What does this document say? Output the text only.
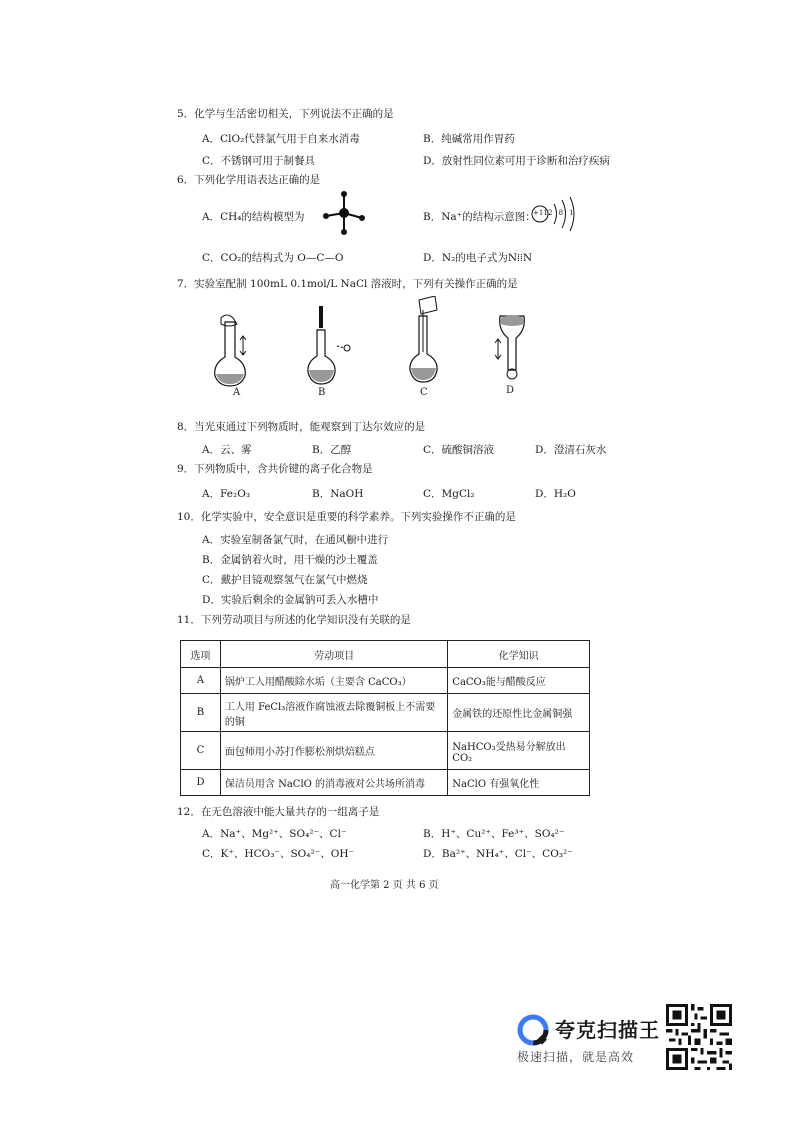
5．化学与生活密切相关，下列说法不正确的是
A．ClO₂代替氯气用于自来水消毒	B．纯碱常用作胃药
C．不锈钢可用于制餐具	D．放射性同位素可用于诊断和治疗疾病
6．下列化学用语表达正确的是
A．CH₄的结构模型为	B．Na⁺的结构示意图：
+11 2 8 1
C．CO₂的结构式为 O—C—O	D．N₂的电子式为N⁞⁞N
7．实验室配制 100mL 0.1mol/L NaCl 溶液时，下列有关操作正确的是
A	B	C	D
8．当光束通过下列物质时，能观察到丁达尔效应的是
A．云、雾	B．乙醇	C．硫酸铜溶液	D．澄清石灰水
9．下列物质中，含共价键的离子化合物是
A．Fe₂O₃	B．NaOH	C．MgCl₂	D．H₂O
10．化学实验中，安全意识是重要的科学素养。下列实验操作不正确的是
A．实验室制备氯气时，在通风橱中进行
B．金属钠着火时，用干燥的沙土覆盖
C．戴护目镜观察氢气在氯气中燃烧
D．实验后剩余的金属钠可丢入水槽中
11．下列劳动项目与所述的化学知识没有关联的是
选项	劳动项目	化学知识
A	锅炉工人用醋酸除水垢（主要含 CaCO₃）	CaCO₃能与醋酸反应
B	工人用 FeCl₃溶液作腐蚀液去除覆铜板上不需要的铜	金属铁的还原性比金属铜强
C	面包师用小苏打作膨松剂烘焙糕点	NaHCO₃受热易分解放出CO₂
D	保洁员用含 NaClO 的消毒液对公共场所消毒	NaClO 有强氧化性
12．在无色溶液中能大量共存的一组离子是
A．Na⁺、Mg²⁺、SO₄²⁻、Cl⁻	B．H⁺、Cu²⁺、Fe³⁺、SO₄²⁻
C．K⁺、HCO₃⁻、SO₄²⁻、OH⁻	D．Ba²⁺、NH₄⁺、Cl⁻、CO₃²⁻
高一化学第 2 页 共 6 页
夸克扫描王
极速扫描，就是高效
